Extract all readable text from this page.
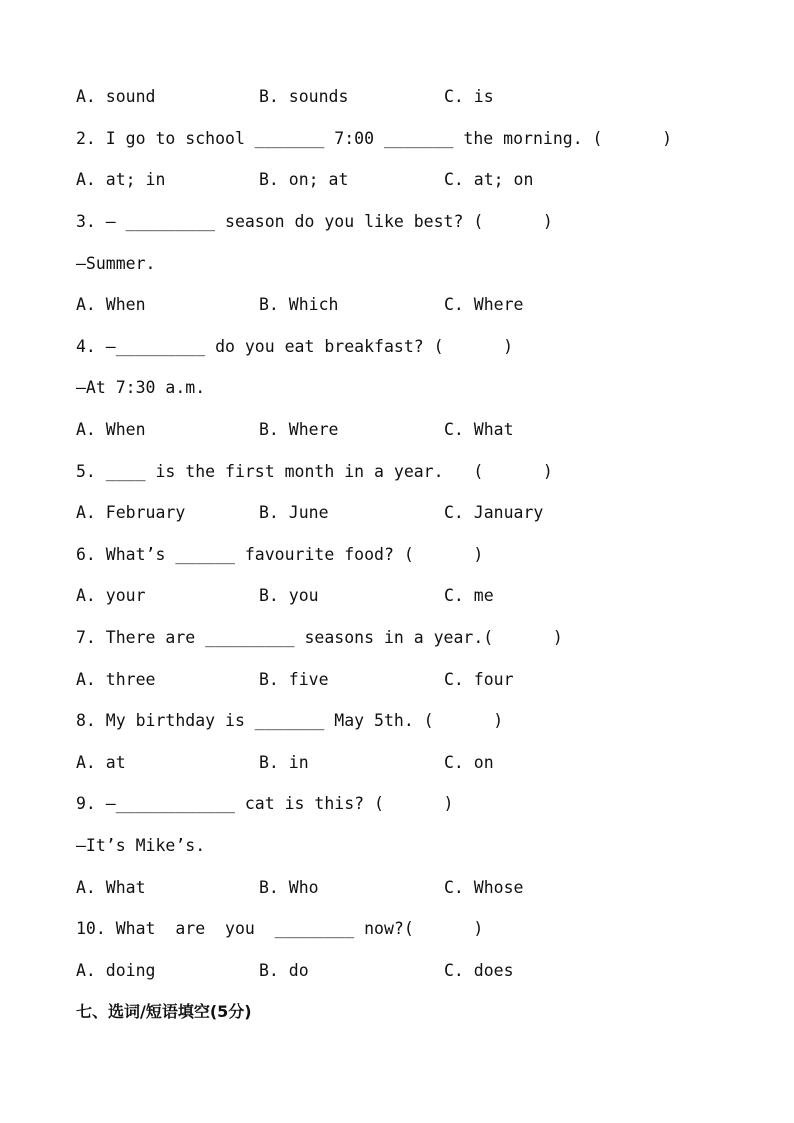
A. sound	B. sounds	C. is
2. I go to school _______ 7:00 _______ the morning. (      )
A. at; in	B. on; at	C. at; on
3. — _________ season do you like best? (      )
—Summer.
A. When	B. Which	C. Where
4. —_________ do you eat breakfast? (      )
—At 7:30 a.m.
A. When	B. Where	C. What
5. ____ is the first month in a year.   (      )
A. February	B. June	C. January
6. What’s ______ favourite food? (      )
A. your	B. you	C. me
7. There are _________ seasons in a year.(      )
A. three	B. five	C. four
8. My birthday is _______ May 5th. (      )
A. at	B. in	C. on
9. —____________ cat is this? (      )
—It’s Mike’s.
A. What	B. Who	C. Whose
10. What  are  you  ________ now?(      )
A. doing	B. do	C. does
七、选词/短语填空(5分)
